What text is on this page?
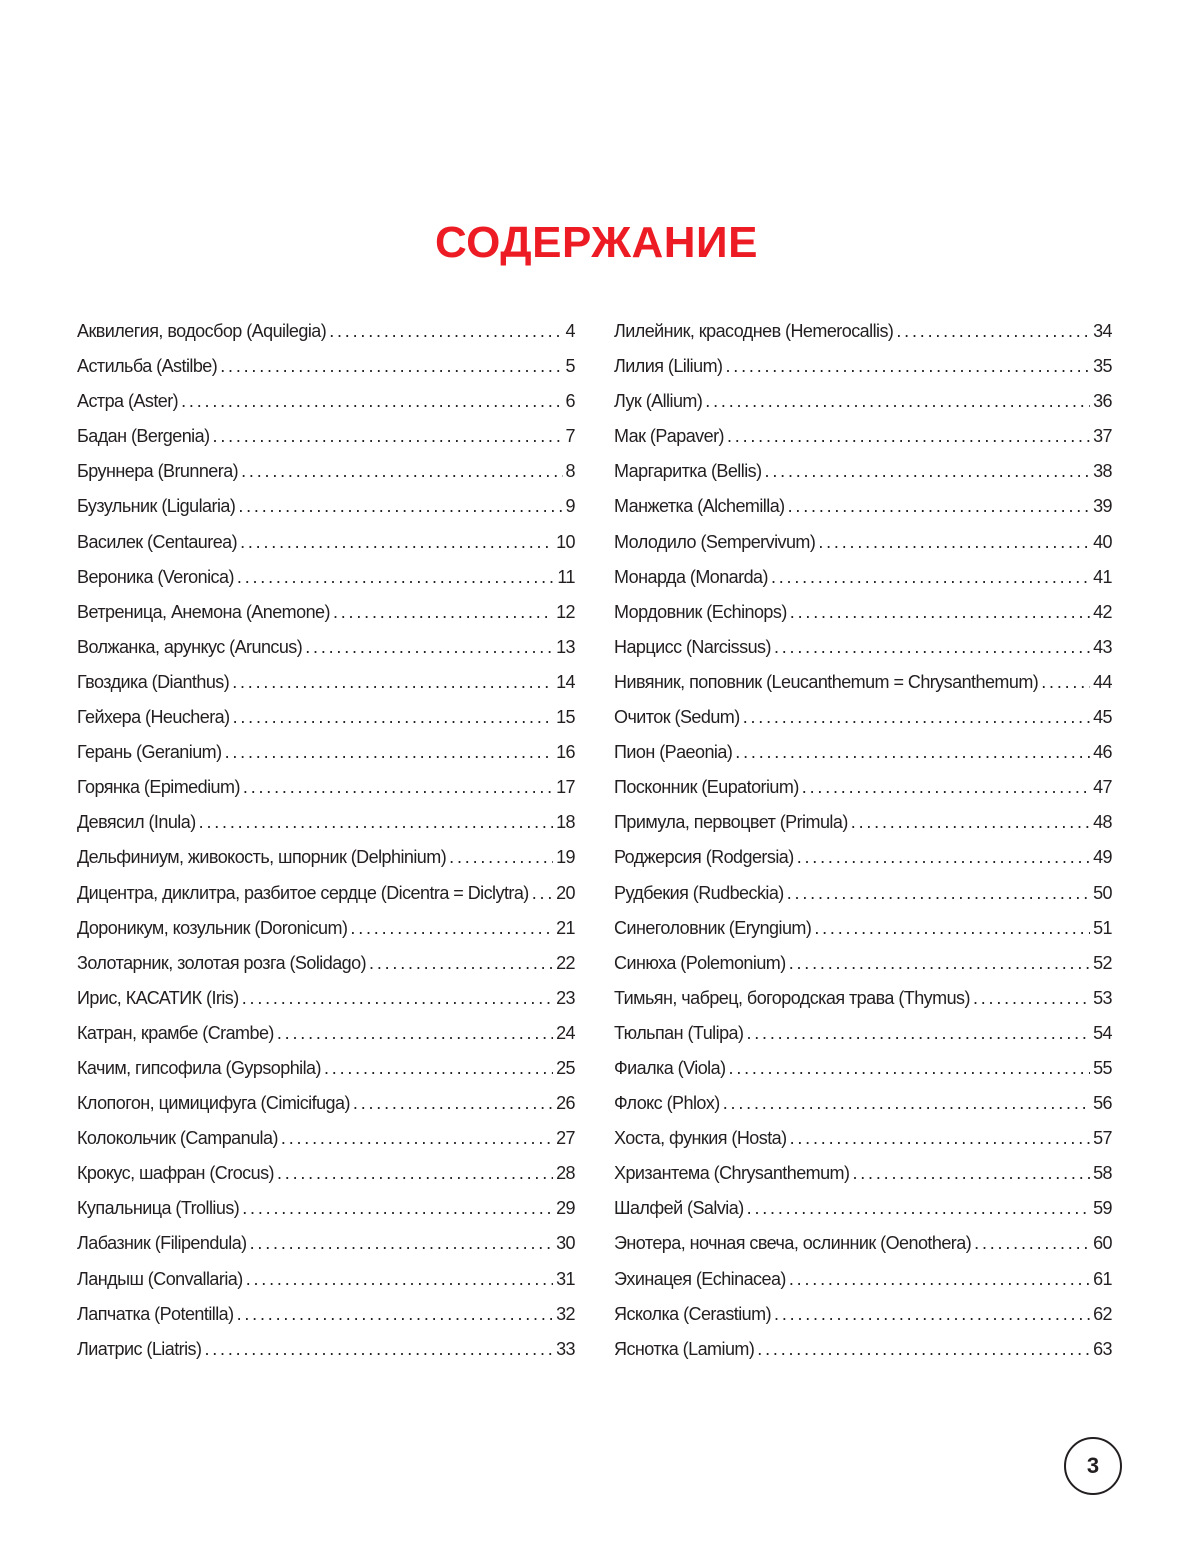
СОДЕРЖАНИЕ
Аквилегия, водосбор (Aquilegia) . . .	4
Астильба (Astilbe) . . .	5
Астра (Aster) . . .	6
Бадан (Bergenia) . . .	7
Бруннера (Brunnera) . . .	8
Бузульник (Ligularia) . . .	9
Василек (Centaurea) . . .	10
Вероника (Veronica) . . .	11
Ветреница, Анемона (Anemone) . . .	12
Волжанка, арункус (Aruncus) . . .	13
Гвоздика (Dianthus) . . .	14
Гейхера (Heuchera) . . .	15
Герань (Geranium) . . .	16
Горянка (Epimedium) . . .	17
Девясил (Inula) . . .	18
Дельфиниум, живокость, шпорник (Delphinium) . . .	19
Дицентра, диклитра, разбитое сердце (Dicentra = Diclytra) . . . 20
Дороникум, козульник (Doronicum) . . .	21
Золотарник, золотая розга (Solidago) . . .	22
Ирис, КАСАТИК (Iris) . . .	23
Катран, крамбе (Crambe) . . .	24
Качим, гипсофила (Gypsophila) . . .	25
Клопогон, цимицифуга (Cimicifuga) . . .	26
Колокольчик (Campanula) . . .	27
Крокус, шафран (Crocus) . . .	28
Купальница (Trollius) . . .	29
Лабазник (Filipendula) . . .	30
Ландыш (Convallaria) . . .	31
Лапчатка (Potentilla) . . .	32
Лиатрис (Liatris) . . .	33
Лилейник, красоднев (Hemerocallis) . . .	34
Лилия (Lilium) . . .	35
Лук (Allium) . . .	36
Мак (Papaver) . . .	37
Маргаритка (Bellis) . . .	38
Манжетка (Alchemilla) . . .	39
Молодило (Sempervivum) . . .	40
Монарда (Monarda) . . .	41
Мордовник (Echinops) . . .	42
Нарцисс (Narcissus) . . .	43
Нивяник, поповник (Leucanthemum = Chrysanthemum) . . .	44
Очиток (Sedum) . . .	45
Пион (Paeonia) . . .	46
Посконник (Eupatorium) . . .	47
Примула, первоцвет (Primula) . . .	48
Роджерсия (Rodgersia) . . .	49
Рудбекия (Rudbeckia) . . .	50
Синеголовник (Eryngium) . . .	51
Синюха (Polemonium) . . .	52
Тимьян, чабрец, богородская трава (Thymus) . . .	53
Тюльпан (Tulipa) . . .	54
Фиалка (Viola) . . .	55
Флокс (Phlox) . . .	56
Хоста, функия (Hosta) . . .	57
Хризантема (Chrysanthemum) . . .	58
Шалфей (Salvia) . . .	59
Энотера, ночная свеча, ослинник (Oenothera) . . .	60
Эхинацея (Echinacea) . . .	61
Ясколка (Cerastium) . . .	62
Яснотка (Lamium) . . .	63
3
